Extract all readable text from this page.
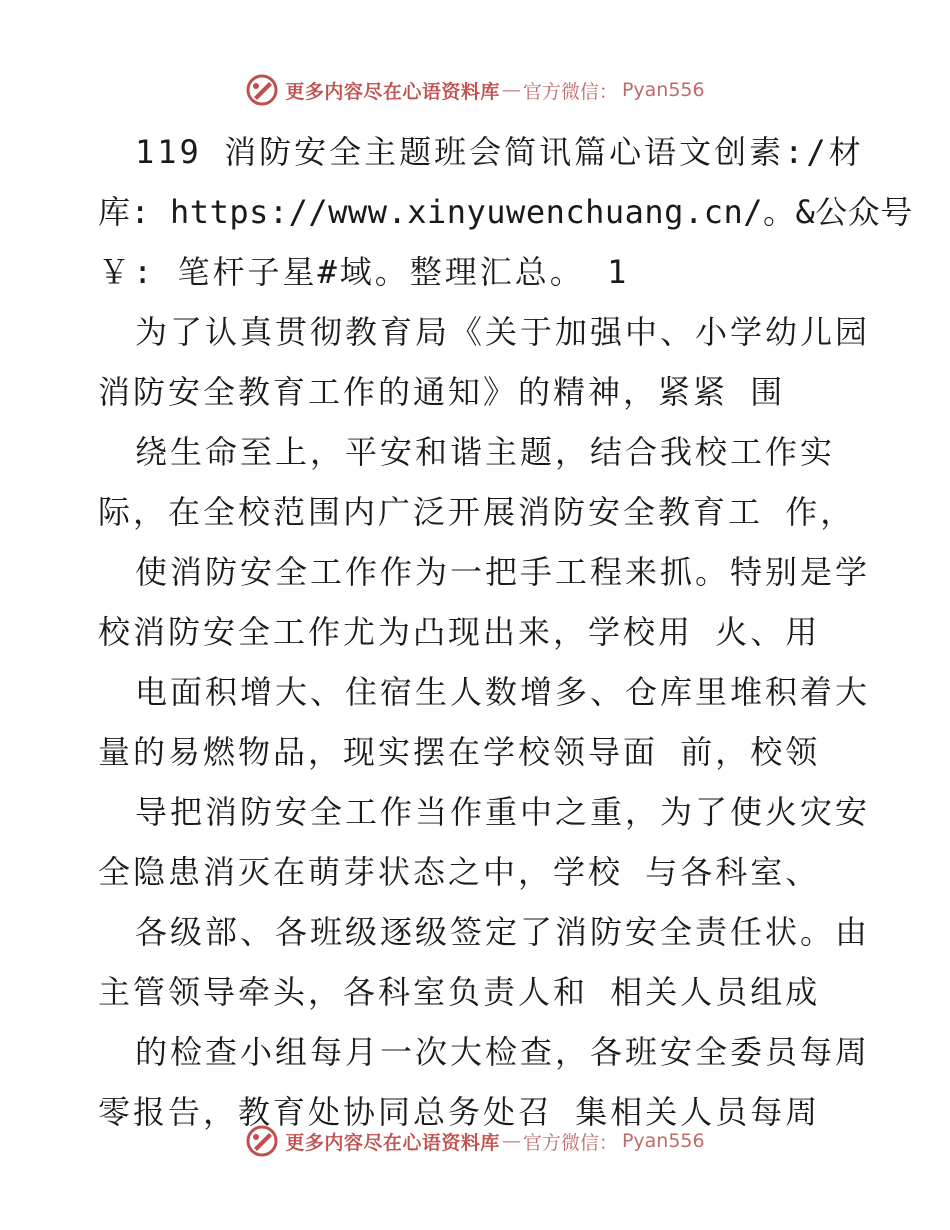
更多内容尽在心语资料库 — 官方微信： Pyan556
119 消防安全主题班会简讯篇心语文创素:/材
库: https://www.xinyuwenchuang.cn/。&公众号
￥: 笔杆子星#域。整理汇总。 1
为了认真贯彻教育局《关于加强中、小学幼儿园
消防安全教育工作的通知》的精神，紧紧 围
绕生命至上，平安和谐主题，结合我校工作实
际，在全校范围内广泛开展消防安全教育工 作，
使消防安全工作作为一把手工程来抓。特别是学
校消防安全工作尤为凸现出来，学校用 火、用
电面积增大、住宿生人数增多、仓库里堆积着大
量的易燃物品，现实摆在学校领导面 前，校领
导把消防安全工作当作重中之重，为了使火灾安
全隐患消灭在萌芽状态之中，学校 与各科室、
各级部、各班级逐级签定了消防安全责任状。由
主管领导牵头，各科室负责人和 相关人员组成
的检查小组每月一次大检查，各班安全委员每周
零报告，教育处协同总务处召 集相关人员每周
更多内容尽在心语资料库 — 官方微信： Pyan556
